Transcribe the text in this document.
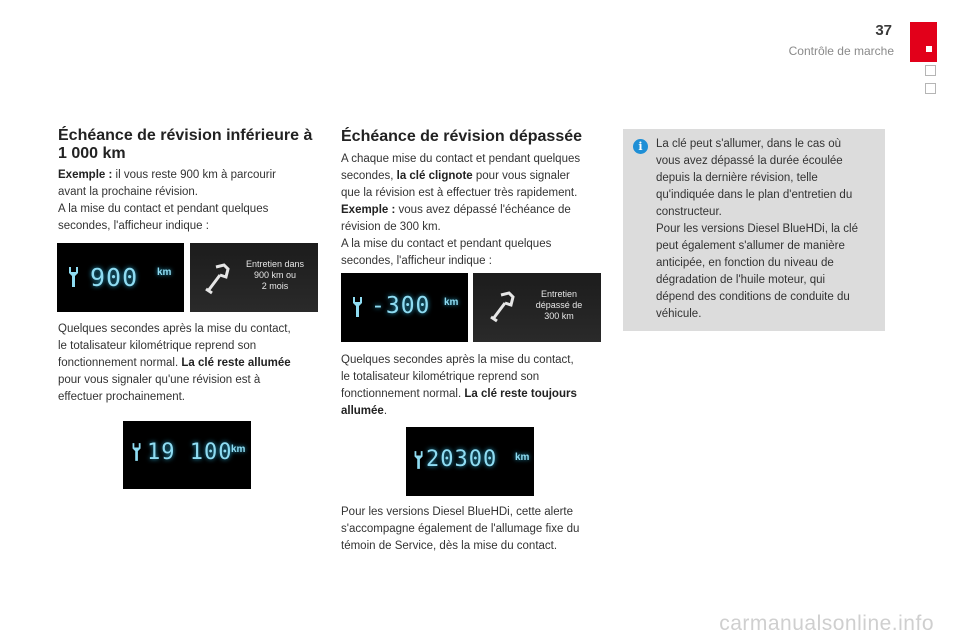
37
Contrôle de marche
Échéance de révision inférieure à
1 000 km

Exemple : il vous reste 900 km à parcourir

avant la prochaine révision.

A la mise du contact et pendant quelques

secondes, l'afficheur indique :

900 km
Entretien dans
900 km ou
2 mois

Quelques secondes après la mise du contact,

le totalisateur kilométrique reprend son

fonctionnement normal. La clé reste allumée

pour vous signaler qu'une révision est à

effectuer prochainement.

19 100
km
Échéance de révision dépassée

A chaque mise du contact et pendant quelques

secondes, la clé clignote pour vous signaler

que la révision est à effectuer très rapidement.

Exemple : vous avez dépassé l'échéance de

révision de 300 km.

A la mise du contact et pendant quelques

secondes, l'afficheur indique :

-300 km
Entretien
dépassé de
300 km

Quelques secondes après la mise du contact,

le totalisateur kilométrique reprend son

fonctionnement normal. La clé reste toujours

allumée.

20300 km

Pour les versions Diesel BlueHDi, cette alerte

s'accompagne également de l'allumage fixe du

témoin de Service, dès la mise du contact.

i	La clé peut s'allumer, dans le cas où

vous avez dépassé la durée écoulée

depuis la dernière révision, telle

qu'indiquée dans le plan d'entretien du

constructeur.

Pour les versions Diesel BlueHDi, la clé

peut également s'allumer de manière

anticipée, en fonction du niveau de

dégradation de l'huile moteur, qui

dépend des conditions de conduite du

véhicule.

carmanualsonline.info
